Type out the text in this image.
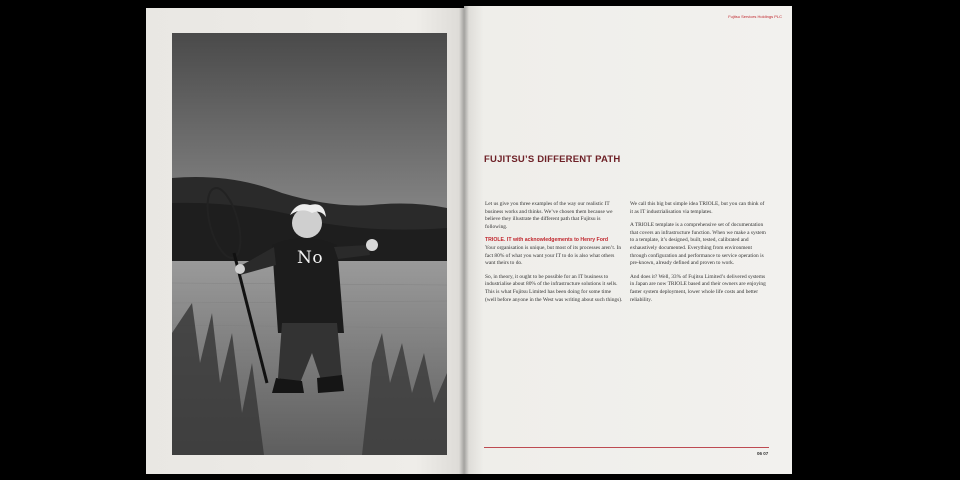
No
Fujitsu Services Holdings PLC
FUJITSU’S DIFFERENT PATH

Let us give you three examples of the way our realistic IT business works and thinks. We’ve chosen them because we believe they illustrate the different path that Fujitsu is following.

TRIOLE. IT with acknowledgements to Henry Ford

Your organisation is unique, but most of its processes aren’t. In fact 80% of what you want your IT to do is also what others want theirs to do.

So, in theory, it ought to be possible for an IT business to industrialise about 80% of the infrastructure solutions it sells. This is what Fujitsu Limited has been doing for some time (well before anyone in the West was writing about such things).

We call this big but simple idea TRIOLE, but you can think of it as IT industrialisation via templates.

A TRIOLE template is a comprehensive set of documentation that covers an infrastructure function. When we make a system to a template, it’s designed, built, tested, calibrated and exhaustively documented. Everything from environment through configuration and performance to service operation is pre-known, already defined and proven to work.

And does it? Well, 33% of Fujitsu Limited’s delivered systems in Japan are now TRIOLE based and their owners are enjoying faster system deployment, lower whole life costs and better reliability.

06 07
